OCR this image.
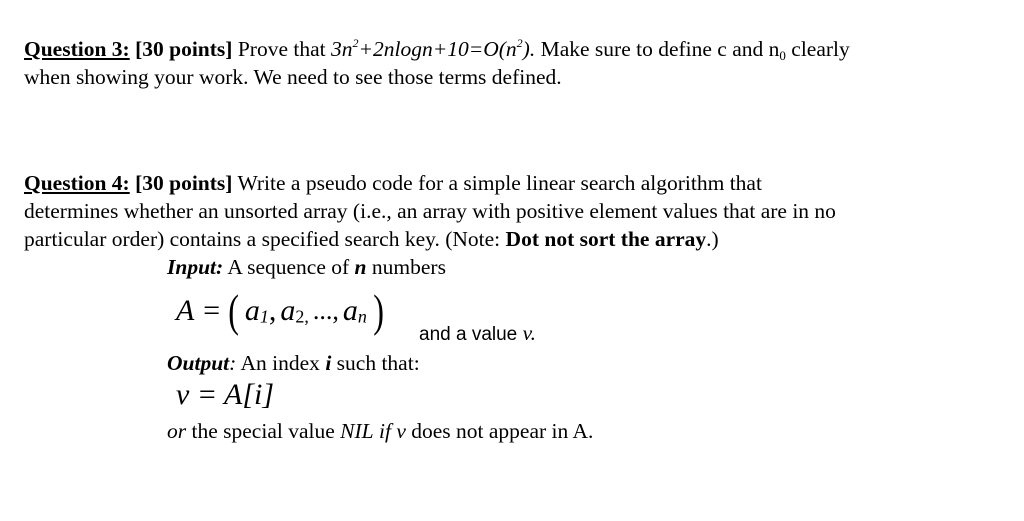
Question 3: [30 points] Prove that $3n^2+2nlogn+10=O(n^2)$. Make sure to define c and $n_0$ clearly
when showing your work. We need to see those terms defined.
Question 4: [30 points] Write a pseudo code for a simple linear search algorithm that
determines whether an unsorted array (i.e., an array with positive element values that are in no
particular order) contains a specified search key. (Note: Dot not sort the array.)
Input: A sequence of n numbers
A = ( a1, a2, ..., an ) and a value v.
Output: An index i such that:
v = A[i]
or the special value NIL if v does not appear in A.
